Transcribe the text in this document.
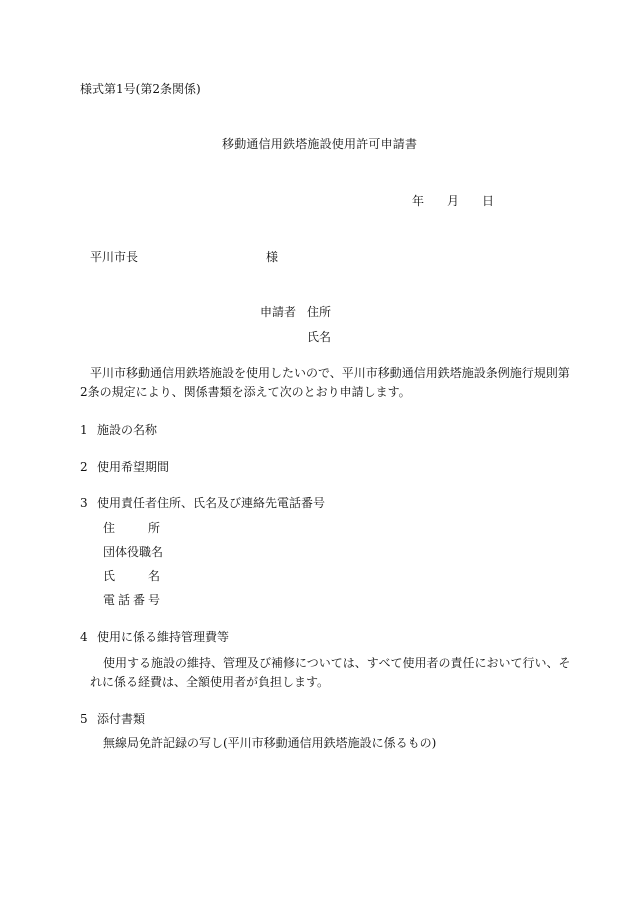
様式第1号(第2条関係)
移動通信用鉄塔施設使用許可申請書
年 月 日
平川市長	様
申請者 住所
氏名
平川市移動通信用鉄塔施設を使用したいので、平川市移動通信用鉄塔施設条例施行規則第
2条の規定により、関係書類を添えて次のとおり申請します。
1 施設の名称
2 使用希望期間
3 使用責任者住所、氏名及び連絡先電話番号
住	所
団体役職名
氏	名
電 話 番 号
4 使用に係る維持管理費等
使用する施設の維持、管理及び補修については、すべて使用者の責任において行い、そ
れに係る経費は、全額使用者が負担します。
5 添付書類
無線局免許記録の写し(平川市移動通信用鉄塔施設に係るもの)
